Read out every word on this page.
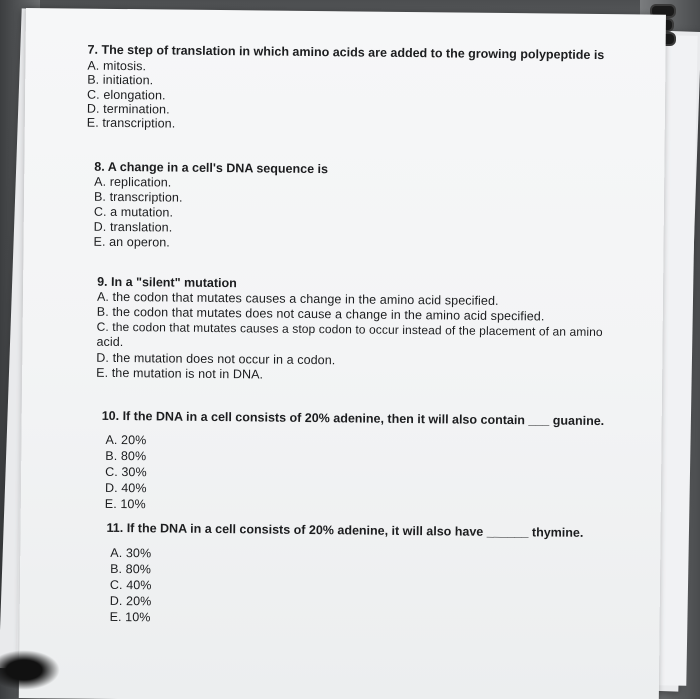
7. The step of translation in which amino acids are added to the growing polypeptide is
A. mitosis.
B. initiation.
C. elongation.
D. termination.
E. transcription.
8. A change in a cell's DNA sequence is
A. replication.
B. transcription.
C. a mutation.
D. translation.
E. an operon.
9. In a "silent" mutation
A. the codon that mutates causes a change in the amino acid specified.
B. the codon that mutates does not cause a change in the amino acid specified.
C. the codon that mutates causes a stop codon to occur instead of the placement of an amino
acid.
D. the mutation does not occur in a codon.
E. the mutation is not in DNA.
10. If the DNA in a cell consists of 20% adenine, then it will also contain ___ guanine.
A. 20%
B. 80%
C. 30%
D. 40%
E. 10%
11. If the DNA in a cell consists of 20% adenine, it will also have ______ thymine.
A. 30%
B. 80%
C. 40%
D. 20%
E. 10%
